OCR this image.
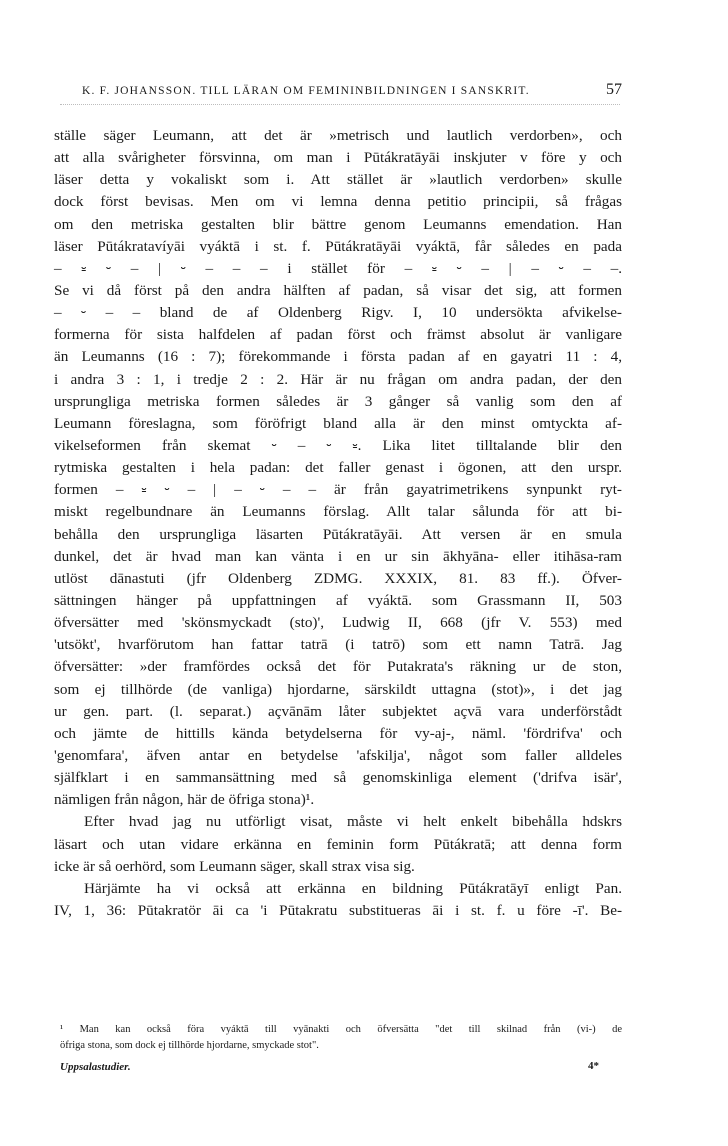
K. F. JOHANSSON. TILL LÄRAN OM FEMININBILDNINGEN I SANSKRIT.	57
ställe säger Leumann, att det är »metrisch und lautlich verdorben», och
att alla svårigheter försvinna, om man i Pūtákratāyāi inskjuter v före y och
läser detta y vokaliskt som i. Att stället är »lautlich verdorben» skulle
dock först bevisas. Men om vi lemna denna petitio principii, så frågas
om den metriska gestalten blir bättre genom Leumanns emendation. Han
läser Pūtákratavíyāi vyáktā i st. f. Pūtákratāyāi vyáktā, får således en pada
– ⏓ ⏑ – | ⏑ – – – i stället för – ⏓ ⏑ – | – ⏑ – –.
Se vi då först på den andra hälften af padan, så visar det sig, att formen
– ⏑ – – bland de af Oldenberg Rigv. I, 10 undersökta afvikelse-
formerna för sista halfdelen af padan först och främst absolut är vanligare
än Leumanns (16 : 7); förekommande i första padan af en gayatri 11 : 4,
i andra 3 : 1, i tredje 2 : 2. Här är nu frågan om andra padan, der den
ursprungliga metriska formen således är 3 gånger så vanlig som den af
Leumann föreslagna, som föröfrigt bland alla är den minst omtyckta af-
vikelseformen från skemat ⏑ – ⏑ ⏓. Lika litet tilltalande blir den
rytmiska gestalten i hela padan: det faller genast i ögonen, att den urspr.
formen – ⏓ ⏑ – | – ⏑ – – är från gayatrimetrikens synpunkt ryt-
miskt regelbundnare än Leumanns förslag. Allt talar sålunda för att bi-
behålla den ursprungliga läsarten Pūtákratāyāi. Att versen är en smula
dunkel, det är hvad man kan vänta i en ur sin ākhyāna- eller itihāsa-ram
utlöst dānastuti (jfr Oldenberg ZDMG. XXXIX, 81. 83 ff.). Öfver-
sättningen hänger på uppfattningen af vyáktā. som Grassmann II, 503
öfversätter med 'skönsmyckadt (sto)', Ludwig II, 668 (jfr V. 553) med
'utsökt', hvarförutom han fattar tatrā (i tatrō) som ett namn Tatrā. Jag
öfversätter: »der framfördes också det för Putakrata's räkning ur de ston,
som ej tillhörde (de vanliga) hjordarne, särskildt uttagna (stot)», i det jag
ur gen. part. (l. separat.) açvānām låter subjektet açvā vara underförstådt
och jämte de hittills kända betydelserna för vy-aj-, näml. 'fördrifva' och
'genomfara', äfven antar en betydelse 'afskilja', något som faller alldeles
själfklart i en sammansättning med så genomskinliga element ('drifva isär',
nämligen från någon, här de öfriga stona)¹.
Efter hvad jag nu utförligt visat, måste vi helt enkelt bibehålla hdskrs
läsart och utan vidare erkänna en feminin form Pūtákratā; att denna form
icke är så oerhörd, som Leumann säger, skall strax visa sig.
Härjämte ha vi också att erkänna en bildning Pūtákratāyī enligt Pan.
IV, 1, 36: Pūtakratör āi ca 'i Pūtakratu substitueras āi i st. f. u före -ī'. Be-
¹ Man kan också föra vyáktā till vyānakti och öfversätta "det till skilnad från (vi-) de
öfriga stona, som dock ej tillhörde hjordarne, smyckade stot".
Uppsalastudier.	4*
